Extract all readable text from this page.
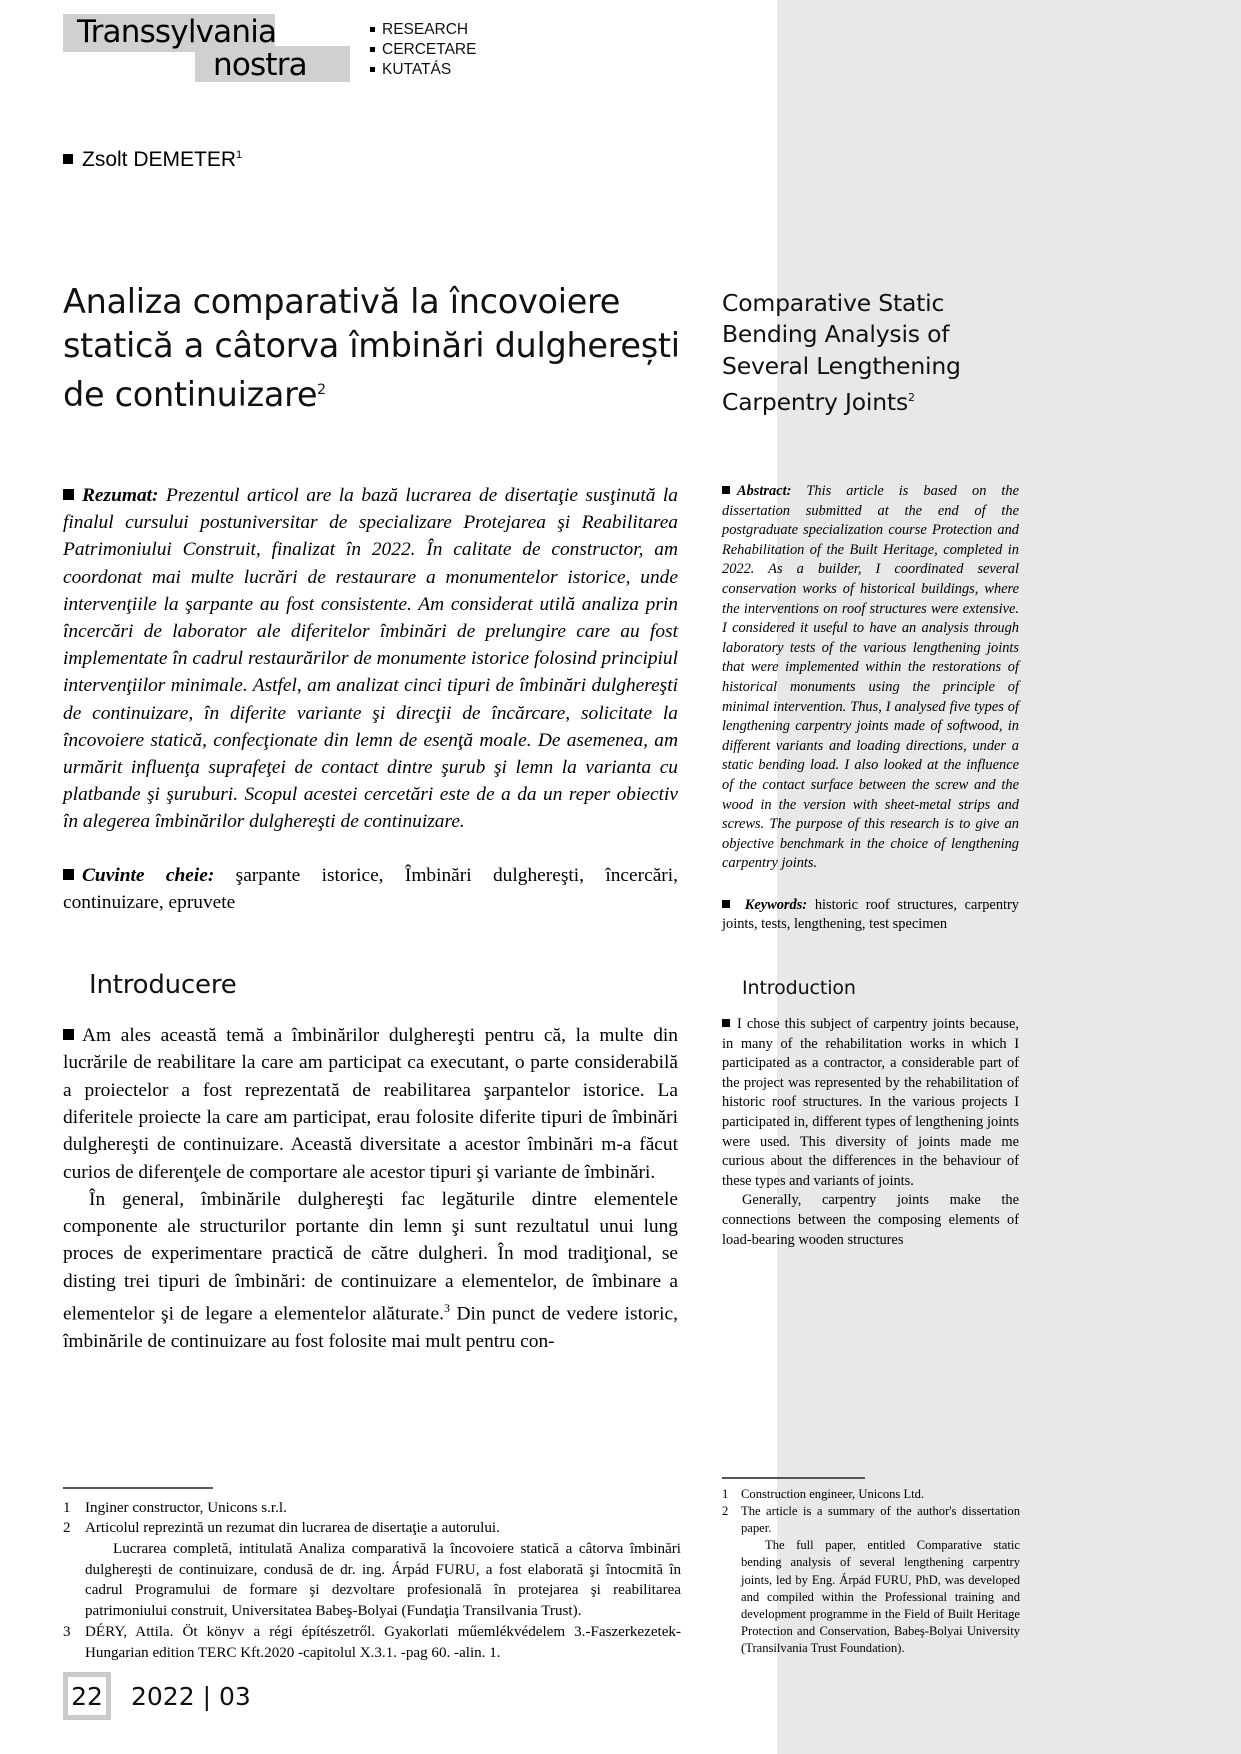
Transsylvania
nostra
RESEARCH
CERCETARE
KUTATÁS
Zsolt DEMETER$^1$
Analiza comparativă la încovoiere statică a câtorva îmbinări dulgherești de continuizare$^2$
Comparative Static Bending Analysis of Several Lengthening Carpentry Joints$^2$

Rezumat: Prezentul articol are la bază lucrarea de disertaţie susţinută la finalul cursului postuniversitar de specializare Protejarea şi Reabilitarea Patrimoniului Construit, finalizat în 2022. În calitate de constructor, am coordonat mai multe lucrări de restaurare a monumentelor istorice, unde intervenţiile la şarpante au fost consistente. Am considerat utilă analiza prin încercări de laborator ale diferitelor îmbinări de prelungire care au fost implementate în cadrul restaurărilor de monumente istorice folosind principiul intervenţiilor minimale. Astfel, am analizat cinci tipuri de îmbinări dulghereşti de continuizare, în diferite variante şi direcţii de încărcare, solicitate la încovoiere statică, confecţionate din lemn de esenţă moale. De asemenea, am urmărit influenţa suprafeţei de contact dintre şurub şi lemn la varianta cu platbande şi şuruburi. Scopul acestei cercetări este de a da un reper obiectiv în alegerea îmbinărilor dulghereşti de continuizare.

Cuvinte cheie: şarpante istorice, Îmbinări dulghereşti, încercări, continuizare, epruvete

Introducere

Am ales această temă a îmbinărilor dulghereşti pentru că, la multe din lucrările de reabilitare la care am participat ca executant, o parte considerabilă a proiectelor a fost reprezentată de reabilitarea şarpantelor istorice. La diferitele proiecte la care am participat, erau folosite diferite tipuri de îmbinări dulghereşti de continuizare. Această diversitate a acestor îmbinări m-a făcut curios de diferenţele de comportare ale acestor tipuri şi variante de îmbinări.

În general, îmbinările dulghereşti fac legăturile dintre elementele componente ale structurilor portante din lemn şi sunt rezultatul unui lung proces de experimentare practică de către dulgheri. În mod tradiţional, se disting trei tipuri de îmbinări: de continuizare a elementelor, de îmbinare a elementelor şi de legare a elementelor alăturate.$^3$ Din punct de vedere istoric, îmbinările de continuizare au fost folosite mai mult pentru con-

1 Inginer constructor, Unicons s.r.l.
2 Articolul reprezintă un rezumat din lucrarea de disertaţie a autorului.
Lucrarea completă, intitulată Analiza comparativă la încovoiere statică a câtorva îmbinări dulghereşti de continuizare, condusă de dr. ing. Árpád FURU, a fost elaborată şi întocmită în cadrul Programului de formare şi dezvoltare profesională în protejarea şi reabilitarea patrimoniului construit, Universitatea Babeş-Bolyai (Fundaţia Transilvania Trust).
3 DÉRY, Attila. Öt könyv a régi építészetről. Gyakorlati műemlékvédelem 3.-Faszerkezetek-Hungarian edition TERC Kft.2020 -capitolul X.3.1. -pag 60. -alin. 1.
22 2022 | 03

Abstract: This article is based on the dissertation submitted at the end of the postgraduate specialization course Protection and Rehabilitation of the Built Heritage, completed in 2022. As a builder, I coordinated several conservation works of historical buildings, where the interventions on roof structures were extensive. I considered it useful to have an analysis through laboratory tests of the various lengthening joints that were implemented within the restorations of historical monuments using the principle of minimal intervention. Thus, I analysed five types of lengthening carpentry joints made of softwood, in different variants and loading directions, under a static bending load. I also looked at the influence of the contact surface between the screw and the wood in the version with sheet-metal strips and screws. The purpose of this research is to give an objective benchmark in the choice of lengthening carpentry joints.

Keywords: historic roof structures, carpentry joints, tests, lengthening, test specimen

Introduction

I chose this subject of carpentry joints because, in many of the rehabilitation works in which I participated as a contractor, a considerable part of the project was represented by the rehabilitation of historic roof structures. In the various projects I participated in, different types of lengthening joints were used. This diversity of joints made me curious about the differences in the behaviour of these types and variants of joints.

Generally, carpentry joints make the connections between the composing elements of load-bearing wooden structures

1	Construction engineer, Unicons Ltd.
2	The article is a summary of the author's dissertation paper.
The full paper, entitled Comparative static bending analysis of several lengthening carpentry joints, led by Eng. Árpád FURU, PhD, was developed and compiled within the Professional training and development programme in the Field of Built Heritage Protection and Conservation, Babeş-Bolyai University (Transilvania Trust Foundation).
